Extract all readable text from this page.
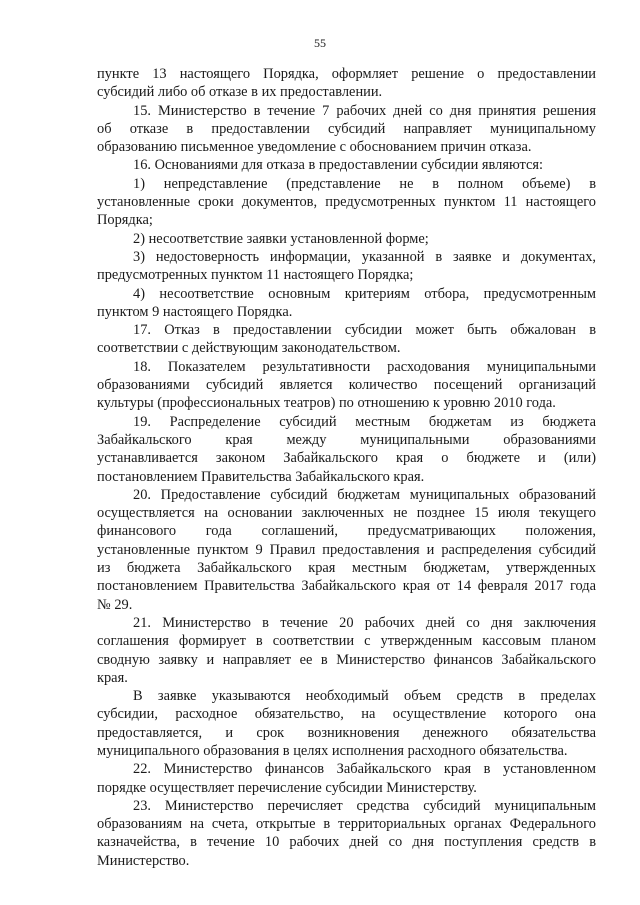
55
пункте 13 настоящего Порядка, оформляет решение о предоставлении
субсидий либо об отказе в их предоставлении.
15. Министерство в течение 7 рабочих дней со дня принятия решения
об отказе в предоставлении субсидий направляет муниципальному
образованию письменное уведомление с обоснованием причин отказа.
16. Основаниями для отказа в предоставлении субсидии являются:
1) непредставление (представление не в полном объеме) в
установленные сроки документов, предусмотренных пунктом 11 настоящего
Порядка;
2) несоответствие заявки установленной форме;
3) недостоверность информации, указанной в заявке и документах,
предусмотренных пунктом 11 настоящего Порядка;
4) несоответствие основным критериям отбора, предусмотренным
пунктом 9 настоящего Порядка.
17. Отказ в предоставлении субсидии может быть обжалован в
соответствии с действующим законодательством.
18. Показателем результативности расходования муниципальными
образованиями субсидий является количество посещений организаций
культуры (профессиональных театров) по отношению к уровню 2010 года.
19. Распределение субсидий местным бюджетам из бюджета
Забайкальского края между муниципальными образованиями
устанавливается законом Забайкальского края о бюджете и (или)
постановлением Правительства Забайкальского края.
20. Предоставление субсидий бюджетам муниципальных образований
осуществляется на основании заключенных не позднее 15 июля текущего
финансового года соглашений, предусматривающих положения,
установленные пунктом 9 Правил предоставления и распределения субсидий
из бюджета Забайкальского края местным бюджетам, утвержденных
постановлением Правительства Забайкальского края от 14 февраля 2017 года
№ 29.
21. Министерство в течение 20 рабочих дней со дня заключения
соглашения формирует в соответствии с утвержденным кассовым планом
сводную заявку и направляет ее в Министерство финансов Забайкальского
края.
В заявке указываются необходимый объем средств в пределах
субсидии, расходное обязательство, на осуществление которого она
предоставляется, и срок возникновения денежного обязательства
муниципального образования в целях исполнения расходного обязательства.
22. Министерство финансов Забайкальского края в установленном
порядке осуществляет перечисление субсидии Министерству.
23. Министерство перечисляет средства субсидий муниципальным
образованиям на счета, открытые в территориальных органах Федерального
казначейства, в течение 10 рабочих дней со дня поступления средств в
Министерство.
